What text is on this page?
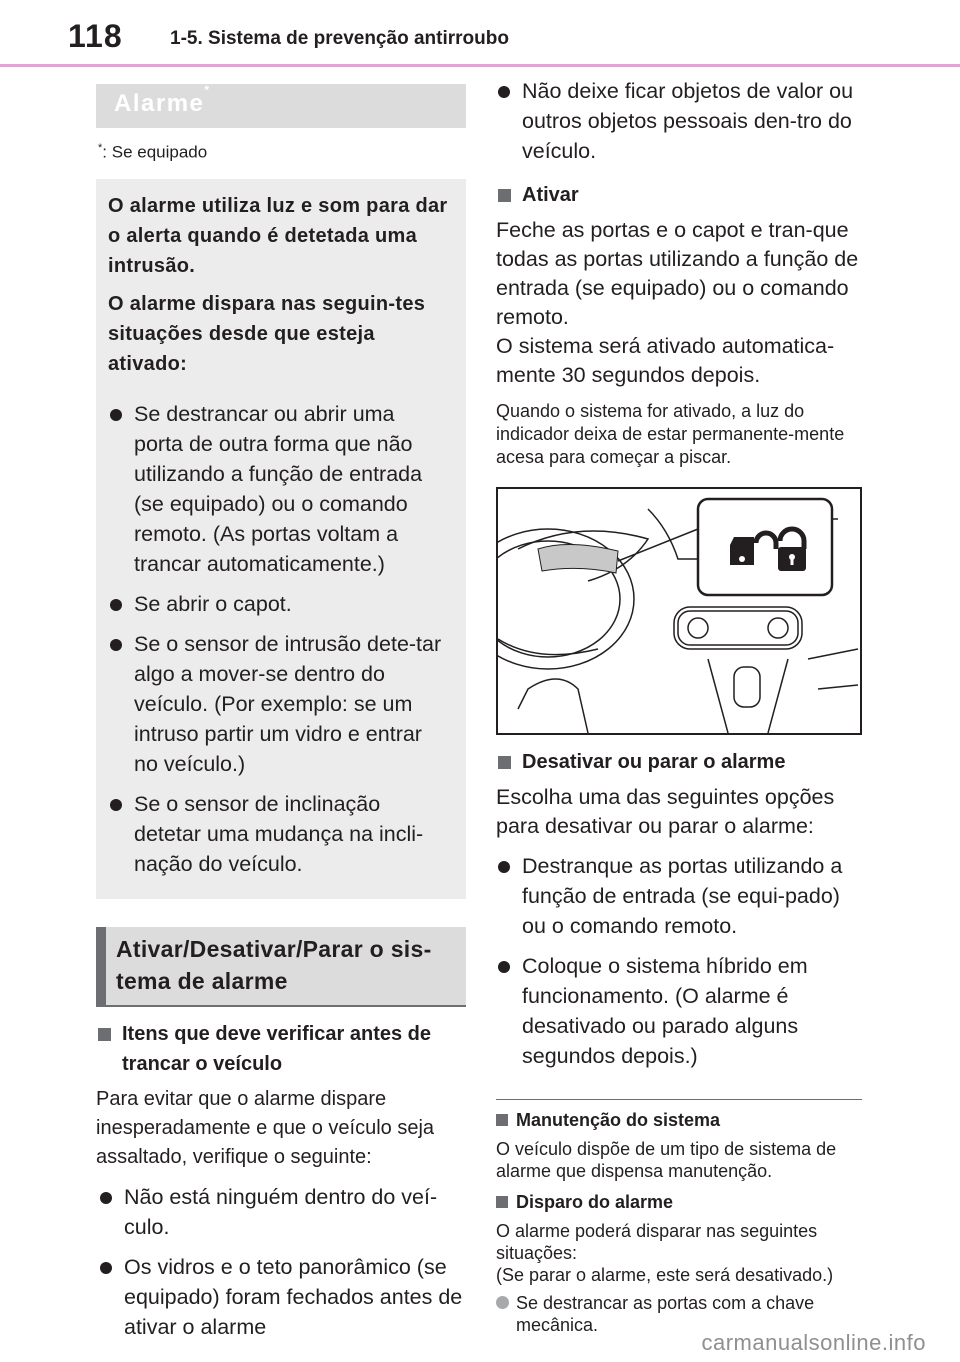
118 1-5. Sistema de prevenção antirroubo
Alarme*
*: Se equipado

O alarme utiliza luz e som para dar o alerta quando é detetada uma intrusão.

O alarme dispara nas seguin-tes situações desde que esteja ativado:

Se destrancar ou abrir uma porta de outra forma que não utilizando a função de entrada (se equipado) ou o comando remoto. (As portas voltam a trancar automaticamente.)
Se abrir o capot.
Se o sensor de intrusão dete-tar algo a mover-se dentro do veículo. (Por exemplo: se um intruso partir um vidro e entrar no veículo.)
Se o sensor de inclinação detetar uma mudança na incli-nação do veículo.
Ativar/Desativar/Parar o sis-tema de alarme
Itens que deve verificar antes de trancar o veículo

Para evitar que o alarme dispare inesperadamente e que o veículo seja assaltado, verifique o seguinte:

Não está ninguém dentro do veí-culo.
Os vidros e o teto panorâmico (se equipado) foram fechados antes de ativar o alarme
Não deixe ficar objetos de valor ou outros objetos pessoais den-tro do veículo.
Ativar

Feche as portas e o capot e tran-que todas as portas utilizando a função de entrada (se equipado) ou o comando remoto.
O sistema será ativado automatica-mente 30 segundos depois.

Quando o sistema for ativado, a luz do indicador deixa de estar permanente-mente acesa para começar a piscar.

Desativar ou parar o alarme

Escolha uma das seguintes opções para desativar ou parar o alarme:

Destranque as portas utilizando a função de entrada (se equi-pado) ou o comando remoto.
Coloque o sistema híbrido em funcionamento. (O alarme é desativado ou parado alguns segundos depois.)
Manutenção do sistema

O veículo dispõe de um tipo de sistema de alarme que dispensa manutenção.

Disparo do alarme

O alarme poderá disparar nas seguintes situações:
(Se parar o alarme, este será desativado.)

Se destrancar as portas com a chave mecânica.
carmanualsonline.info
